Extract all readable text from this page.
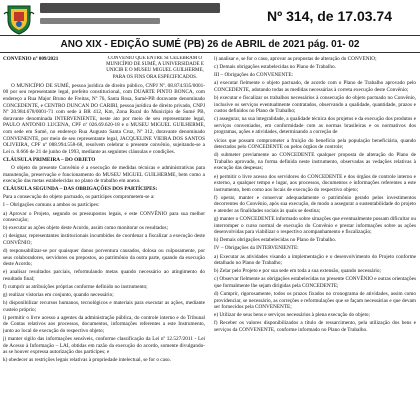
Nº 314, de 17.03.74
ANO XIX - EDIÇÃO SUMÉ (PB) 26 de ABRIL de 2021 pág. 01- 02
CONVÊNIO nº 009/2021	CONVÊNIO QUE ENTRE SI CELEBRAM O MUNICÍPIO DE SUMÉ, A UNIVERSIDADE E UNICIR E O MUSEU MIGUEL GUILHERME, PARA OS FINS ORA ESPECIFICADOS.

O MUNICÍPIO DE SUMÉ, pessoa jurídica de direito público, CNPJ Nº. 08.874.935/0001-00 por seu representante legal, prefeito constitucional, com DUARTE PINTO BONCA, com endereço a Rua Major Bruno de Freitas, Nº 76, Santa Rosa, Sumé-PB doravante denominado CONCEDENTE, e CENTRO DUNCAN DO CARIRI, pessoa jurídica de direito privado, CNPJ Nº 20.984.678/0001-71 com sede à BR 412, Km, Zona Rural do Município de Sumé PB, doravante denominada INTERVENIENTE, neste ato por meio de seu representante legal, PAULO ANTONIO LUCENA, CPF nº 026.69.620-18 e o MUSEU MIGUEL GUILHERME, com sede em Sumé, no endereço Rua Augusto Santa Cruz, Nº 312, doravante denominado CONVENENTE, por meio de seu representante legal, JACQUELINE VIEIRA DOS SANTOS OLIVEIRA, CPF nº 088.994.558-68, resolvem celebrar o presente convênio, sujeitando-se a Lei n. 8.666 de 21 de junho de 1993, mediante as seguintes cláusulas e condições.

CLÁUSULA PRIMEIRA – DO OBJETO

O objeto do presente Convênio é a execução de medidas técnicas e administrativas para manutenção, preservação e funcionamento do MUSEU MIGUEL GUILHERME, bem como a execução das metas estabelecidas no plano de trabalho em anexo.

CLÁUSULA SEGUNDA – DAS OBRIGAÇÕES DOS PARTÍCIPES:

Para a consecução do objeto pactuado, os partícipes comprometem-se a:

I – Obrigações comuns a ambos os partícipes:

a) Aprovar o Projeto, segundo os pressupostos legais, e este CONVÊNIO para sua melhor consecução;

b) executar as ações objeto deste Acordo, assim como monitorar os resultados;

c) designar, representantes institucionais incumbidos de coordenar a fiscalizar a execução deste CONVÊNIO;

d) responsabilizar-se por quaisquer danos porventura causados, dolosa ou culposamente, por seus colaboradores, servidores ou prepostos, ao patrimônio da outra parte, quando da execução deste Acordo;

e) analisar resultados parciais, reformulando metas quando necessário ao atingimento do resultado final;

f) cumprir as atribuições próprias conforme definido no instrumento;

g) realizar vistorias em conjunto, quando necessário;

h) disponibilizar recursos humanos, tecnológicos e materiais para executar as ações, mediante custeio próprio;

i) permitir o livre acesso a agentes da administração pública, do controle interno e do Tribunal de Contas relativos aos processos, documentos, informações referentes a este Instrumento, junto ao local de execução do respectivo objeto;

j) manter sigilo das informações sensíveis, conforme classificação da Lei nº 12.527/2011 - Lei de Acesso à Informação – LAI, obtidas em razão da execução do acordo, somente divulgando-as se houver expressa autorização dos partícipes; e

k) obedecer as restrições legais relativas à propriedade intelectual, se for o caso.

l) analisar e, se for o caso, aprovar as propostas de alteração do CONVÊNIO;

c) Demais obrigações estabelecidas no Plano de Trabalho.

III – Obrigações do CONVENENTE:

a) executar fielmente o objeto pactuado, de acordo com o Plano de Trabalho aprovado pelo CONCEDENTE, adotando todas as medidas necessárias à correta execução deste Convênio;

b) executar e fiscalizar os trabalhos necessários à consecução do objeto pactuado no Convênio, inclusive os serviços eventualmente contratados, observando a qualidade, quantidade, prazos e custos definidos no Plano de Trabalho;

c) assegurar, na sua integralidade, a qualidade técnica dos projetos e da execução dos produtos e serviços conveniados, em conformidade com as normas brasileiras e os normativos dos programas, ações e atividades, determinando a correção de

vícios que possam comprometer a fruição do benefício pela população beneficiária, quando detectados pelo CONCEDENTE ou pelos órgãos de controle;

d) submeter previamente ao CONCEDENTE qualquer proposta de alteração do Plano de Trabalho aprovado, na forma definida neste instrumento, observadas as vedações relativas à execução das despesas;

e) permitir o livre acesso dos servidores do CONCEDENTE e dos órgãos de controle interno e externo, a qualquer tempo e lugar, aos processos, documentos e informações referentes a este instrumento, bem como aos locais de execução do respectivo objeto;

f) operar, manter e conservar adequadamente o patrimônio gerado pelos investimentos decorrentes do Convênio, após sua execução, de modo a assegurar a sustentabilidade do projeto e atender as finalidades sociais às quais se destina;

g) manter o CONCEDENTE informado sobre situações que eventualmente possam dificultar ou interromper o curso normal de execução do Convênio e prestar informações sobre as ações desenvolvidas para viabilizar o respectivo acompanhamento e fiscalização;

h) Demais obrigações estabelecidas no Plano de Trabalho.

IV – Obrigações da INTERVENIENTE:

a) Executar as atividades visando a implementação e o desenvolvimento do Projeto conforme detalhado no Plano de Trabalho;

b) Zelar pelo Projeto e por sua sede em toda a sua extensão, quando necessário;

c) Observar fielmente as obrigações estabelecidas no presente CONVÊNIO e outras orientações que formalmente lhe sejam dirigidas pela CONCEDENTE;

d) Cumprir, rigorosamente, todos os prazos fixados no cronograma de atividades, assim como providenciar, se necessário, as correções e reformulações que se façam necessárias e que devam ser fornecidos pela CONVENENTE;

e) Utilizar de seus bens e serviços necessários à plena execução do objeto;

f) Receber os valores disponibilizados a título de ressarcimento, pela utilização dos bens e serviços da CONVENENTE, conforme informado no Plano de Trabalho.
